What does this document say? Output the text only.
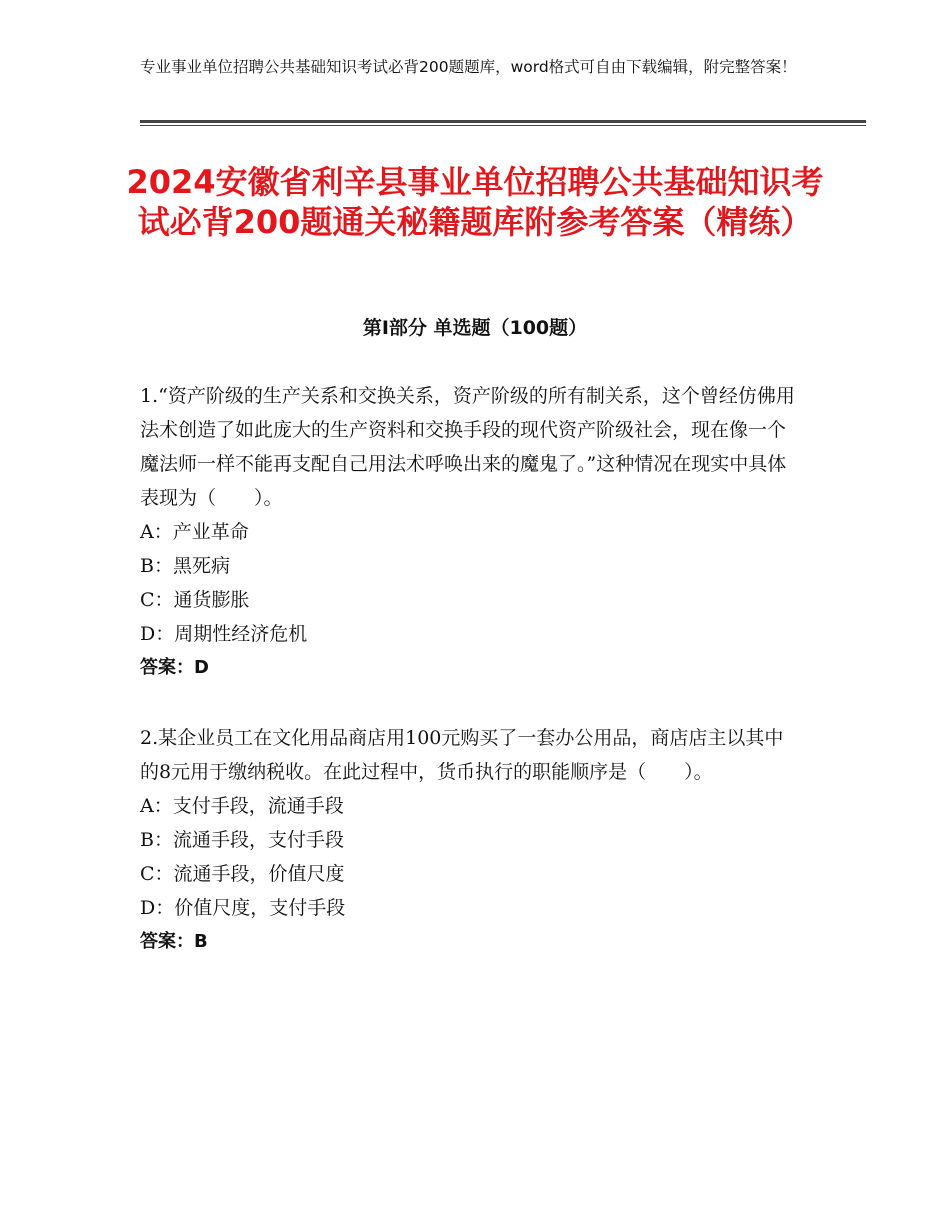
专业事业单位招聘公共基础知识考试必背200题题库，word格式可自由下载编辑，附完整答案！
2024安徽省利辛县事业单位招聘公共基础知识考试必背200题通关秘籍题库附参考答案（精练）
第Ⅰ部分 单选题（100题）

1.“资产阶级的生产关系和交换关系，资产阶级的所有制关系，这个曾经仿佛用法术创造了如此庞大的生产资料和交换手段的现代资产阶级社会，现在像一个魔法师一样不能再支配自己用法术呼唤出来的魔鬼了。”这种情况在现实中具体表现为（　　）。

A：产业革命

B：黑死病

C：通货膨胀

D：周期性经济危机

答案：D

2.某企业员工在文化用品商店用100元购买了一套办公用品，商店店主以其中的8元用于缴纳税收。在此过程中，货币执行的职能顺序是（　　）。

A：支付手段，流通手段

B：流通手段，支付手段

C：流通手段，价值尺度

D：价值尺度，支付手段

答案：B
